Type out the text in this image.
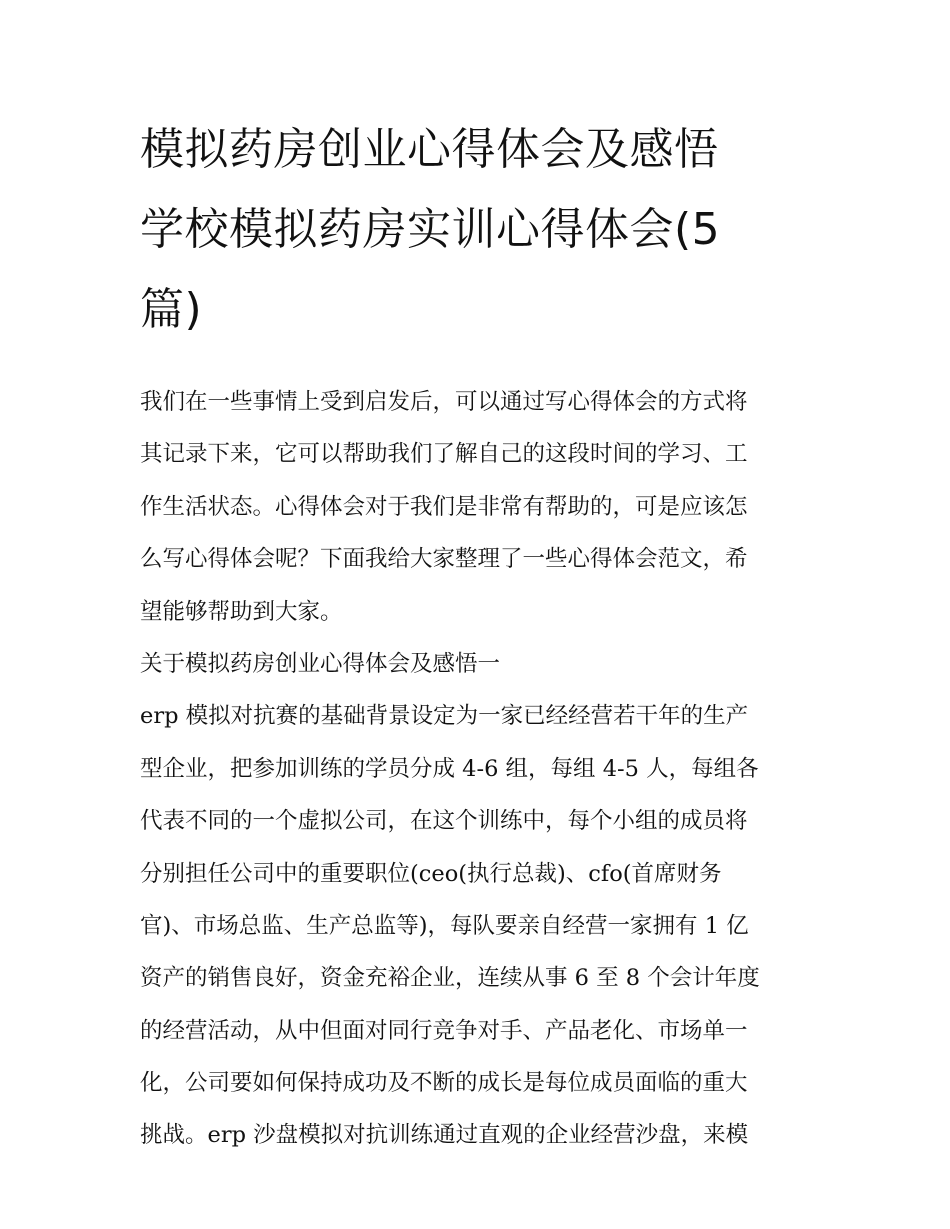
模拟药房创业心得体会及感悟
学校模拟药房实训心得体会(5
篇)
我们在一些事情上受到启发后，可以通过写心得体会的方式将
其记录下来，它可以帮助我们了解自己的这段时间的学习、工
作生活状态。心得体会对于我们是非常有帮助的，可是应该怎
么写心得体会呢？下面我给大家整理了一些心得体会范文，希
望能够帮助到大家。
关于模拟药房创业心得体会及感悟一
erp 模拟对抗赛的基础背景设定为一家已经经营若干年的生产
型企业，把参加训练的学员分成 4-6 组，每组 4-5 人，每组各
代表不同的一个虚拟公司，在这个训练中，每个小组的成员将
分别担任公司中的重要职位(ceo(执行总裁)、cfo(首席财务
官)、市场总监、生产总监等)，每队要亲自经营一家拥有 1 亿
资产的销售良好，资金充裕企业，连续从事 6 至 8 个会计年度
的经营活动，从中但面对同行竞争对手、产品老化、市场单一
化，公司要如何保持成功及不断的成长是每位成员面临的重大
挑战。erp 沙盘模拟对抗训练通过直观的企业经营沙盘，来模
